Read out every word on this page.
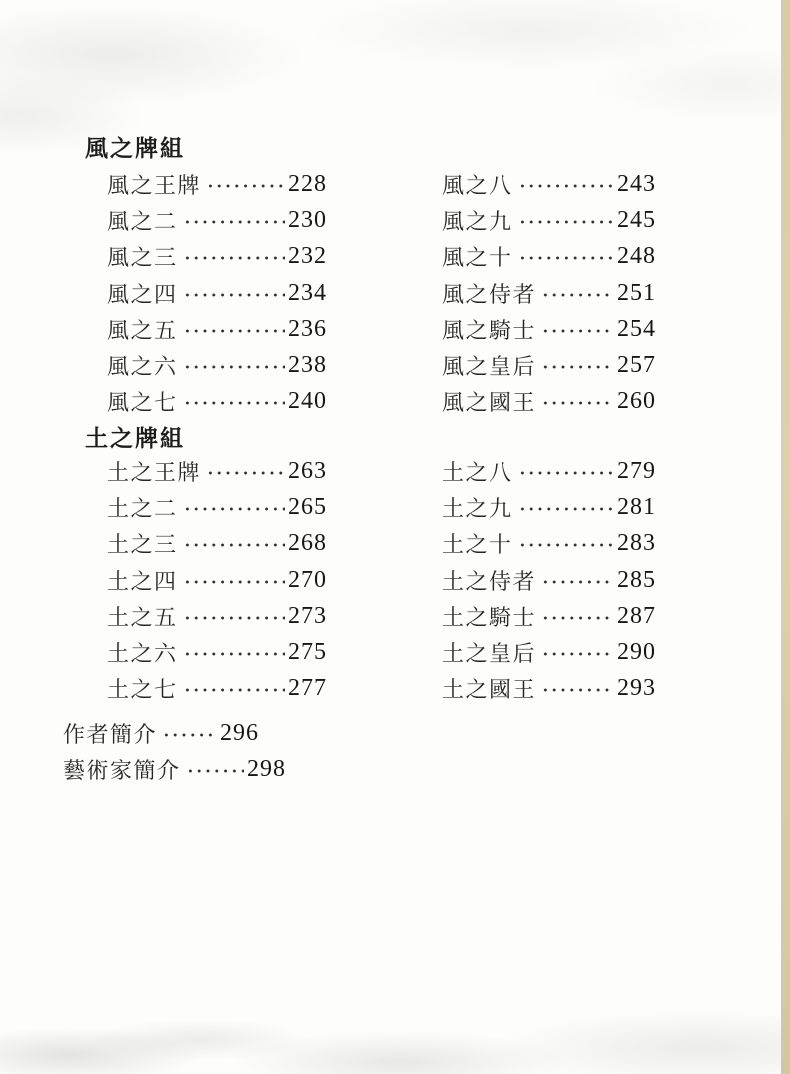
風之牌組
風之王牌	228
風之二	230
風之三	232
風之四	234
風之五	236
風之六	238
風之七	240
風之八	243
風之九	245
風之十	248
風之侍者	251
風之騎士	254
風之皇后	257
風之國王	260
土之牌組
土之王牌	263
土之二	265
土之三	268
土之四	270
土之五	273
土之六	275
土之七	277
土之八	279
土之九	281
土之十	283
土之侍者	285
土之騎士	287
土之皇后	290
土之國王	293
作者簡介	296
藝術家簡介	298
